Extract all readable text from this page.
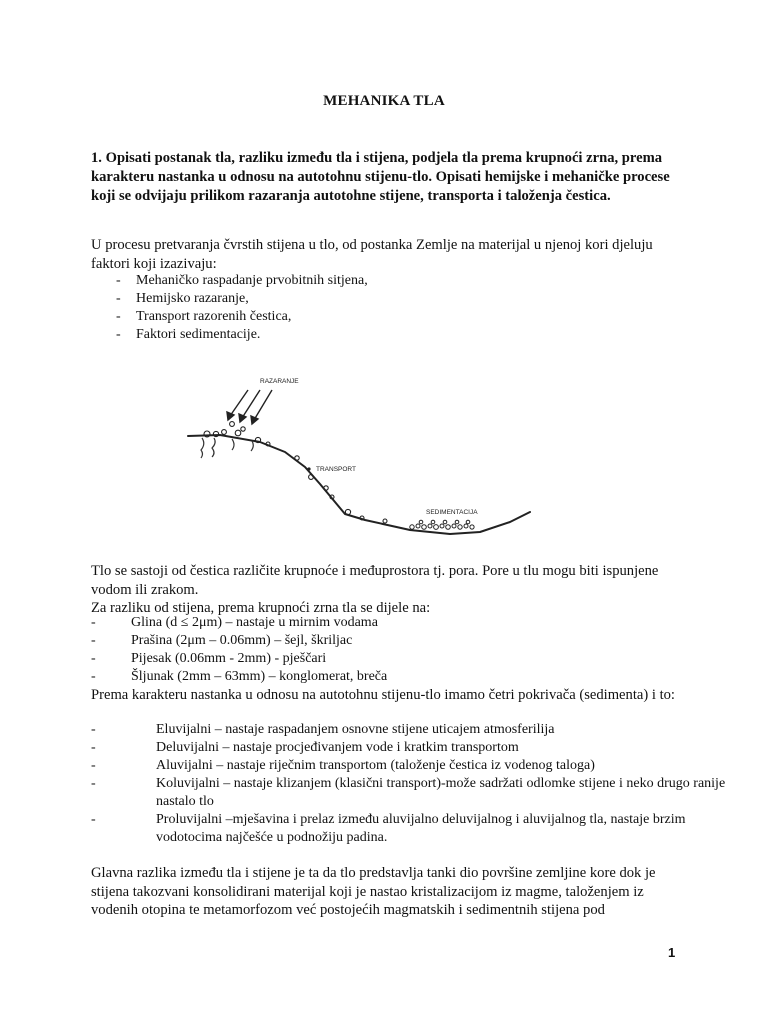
MEHANIKA TLA
1. Opisati postanak tla, razliku između tla i stijena, podjela tla prema krupnoći zrna, prema karakteru nastanka u odnosu na autotohnu stijenu-tlo. Opisati hemijske i mehaničke procese koji se odvijaju prilikom razaranja autotohne stijene, transporta i taloženja čestica.
U procesu pretvaranja čvrstih stijena u tlo, od postanka Zemlje na materijal u njenoj kori djeluju faktori koji izazivaju:
- Mehaničko raspadanje prvobitnih sitjena,
- Hemijsko razaranje,
- Transport razorenih čestica,
- Faktori sedimentacije.
RAZARANJE
TRANSPORT
SEDIMENTACIJA
Tlo se sastoji od čestica različite krupnoće i međuprostora tj. pora. Pore u tlu mogu biti ispunjene vodom ili zrakom.
Za razliku od stijena, prema krupnoći zrna tla se dijele na:
-	Glina (d ≤ 2μm) – nastaje u mirnim vodama
-	Prašina (2μm – 0.06mm) – šejl, škriljac
-	Pijesak (0.06mm - 2mm) - pješčari
-	Šljunak (2mm – 63mm) – konglomerat, breča
Prema karakteru nastanka u odnosu na autotohnu stijenu-tlo imamo četri pokrivača (sedimenta) i to:
-	Eluvijalni – nastaje raspadanjem osnovne stijene uticajem atmosferilija
-	Deluvijalni – nastaje procjeđivanjem vode i kratkim transportom
-	Aluvijalni – nastaje riječnim transportom (taloženje čestica iz vodenog taloga)
-	Koluvijalni – nastaje klizanjem (klasični transport)-može sadržati odlomke stijene i neko drugo ranije nastalo tlo
-	Proluvijalni –mješavina i prelaz između aluvijalno deluvijalnog i aluvijalnog tla, nastaje brzim vodotocima najčešće u podnožiju padina.
Glavna razlika između tla i stijene je ta da tlo predstavlja tanki dio površine zemljine kore dok je stijena takozvani konsolidirani materijal koji je nastao kristalizacijom iz magme, taloženjem iz vodenih otopina te metamorfozom već postojećih magmatskih i sedimentnih stijena pod
1
